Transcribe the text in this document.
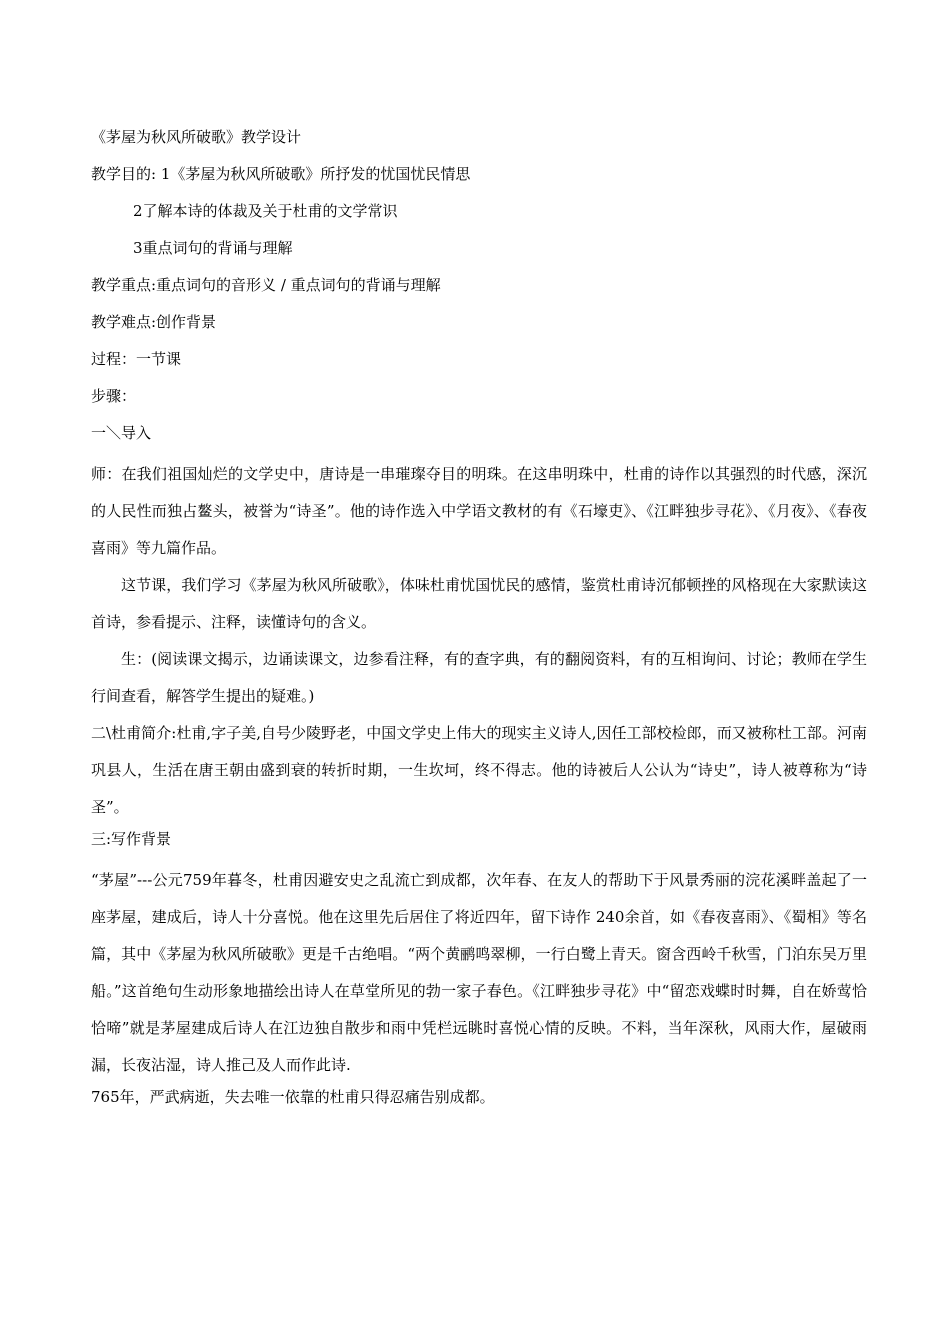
《茅屋为秋风所破歌》教学设计

教学目的: 1《茅屋为秋风所破歌》所抒发的忧国忧民情思

2了解本诗的体裁及关于杜甫的文学常识

3重点词句的背诵与理解

教学重点:重点词句的音形义 / 重点词句的背诵与理解

教学难点:创作背景

过程：一节课

步骤：

一＼导入

师：在我们祖国灿烂的文学史中，唐诗是一串璀璨夺目的明珠。在这串明珠中，杜甫的诗作以其强烈的时代感，深沉的人民性而独占鳌头，被誉为“诗圣”。他的诗作选入中学语文教材的有《石壕吏》、《江畔独步寻花》、《月夜》、《春夜喜雨》等九篇作品。

这节课，我们学习《茅屋为秋风所破歌》，体味杜甫忧国忧民的感情，鉴赏杜甫诗沉郁顿挫的风格现在大家默读这首诗，参看提示、注释，读懂诗句的含义。

生：(阅读课文揭示，边诵读课文，边参看注释，有的查字典，有的翻阅资料，有的互相询问、讨论；教师在学生行间查看，解答学生提出的疑难。)

二\杜甫简介:杜甫,字子美,自号少陵野老，中国文学史上伟大的现实主义诗人,因任工部校检郎，而又被称杜工部。河南巩县人，生活在唐王朝由盛到衰的转折时期，一生坎坷，终不得志。他的诗被后人公认为“诗史”，诗人被尊称为“诗圣”。

三:写作背景

“茅屋”---公元759年暮冬，杜甫因避安史之乱流亡到成都，次年春、在友人的帮助下于风景秀丽的浣花溪畔盖起了一座茅屋，建成后，诗人十分喜悦。他在这里先后居住了将近四年，留下诗作 240余首，如《春夜喜雨》、《蜀相》等名篇，其中《茅屋为秋风所破歌》更是千古绝唱。“两个黄鹂鸣翠柳，一行白鹭上青天。窗含西岭千秋雪，门泊东吴万里船。”这首绝句生动形象地描绘出诗人在草堂所见的勃一家子春色。《江畔独步寻花》中“留恋戏蝶时时舞，自在娇莺恰恰啼”就是茅屋建成后诗人在江边独自散步和雨中凭栏远眺时喜悦心情的反映。不料，当年深秋，风雨大作，屋破雨漏，长夜沾湿，诗人推己及人而作此诗.

765年，严武病逝，失去唯一依靠的杜甫只得忍痛告别成都。
